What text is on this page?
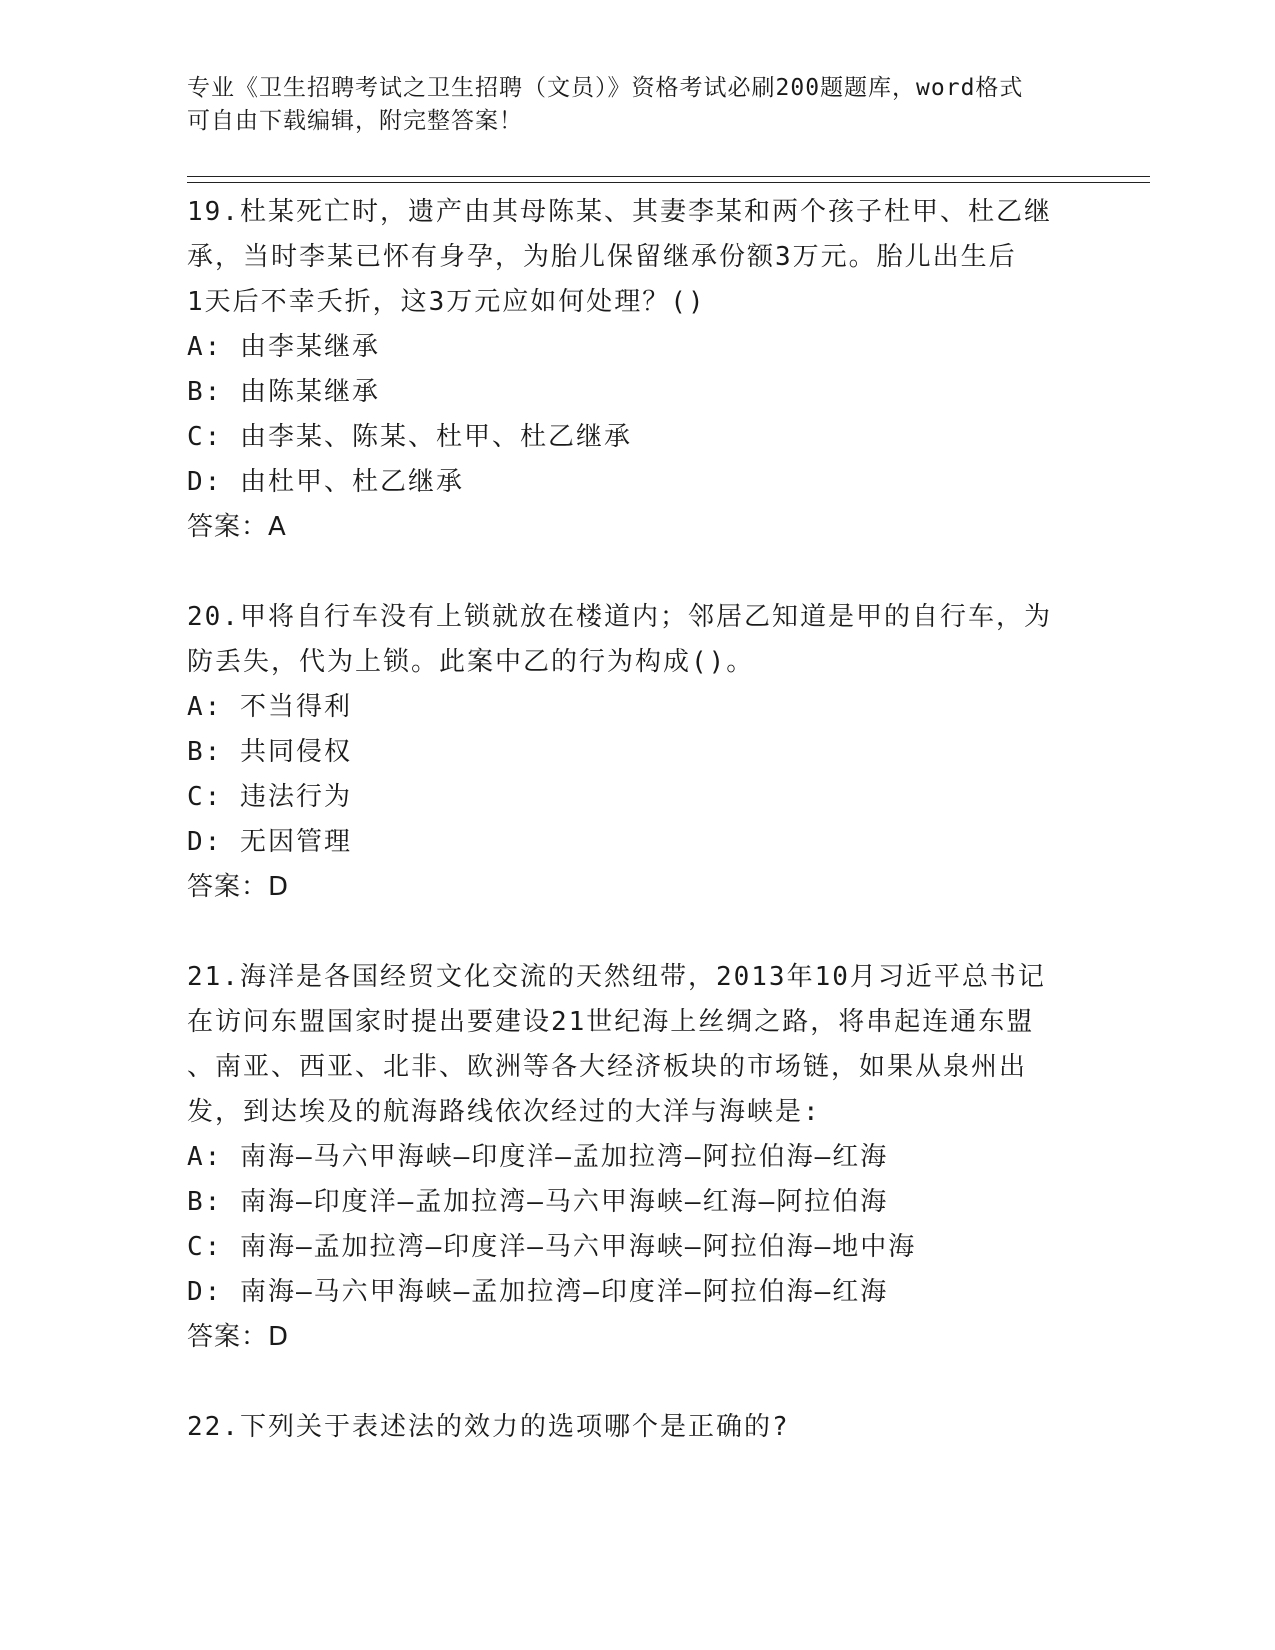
专业《卫生招聘考试之卫生招聘（文员）》资格考试必刷200题题库，word格式
可自由下载编辑，附完整答案！

19.杜某死亡时，遗产由其母陈某、其妻李某和两个孩子杜甲、杜乙继

承，当时李某已怀有身孕，为胎儿保留继承份额3万元。胎儿出生后

1天后不幸夭折，这3万元应如何处理？()

A: 由李某继承

B: 由陈某继承

C: 由李某、陈某、杜甲、杜乙继承

D: 由杜甲、杜乙继承

答案：A

20.甲将自行车没有上锁就放在楼道内；邻居乙知道是甲的自行车，为

防丢失，代为上锁。此案中乙的行为构成()。

A: 不当得利

B: 共同侵权

C: 违法行为

D: 无因管理

答案：D

21.海洋是各国经贸文化交流的天然纽带，2013年10月习近平总书记

在访问东盟国家时提出要建设21世纪海上丝绸之路，将串起连通东盟

、南亚、西亚、北非、欧洲等各大经济板块的市场链，如果从泉州出

发，到达埃及的航海路线依次经过的大洋与海峡是:

A: 南海—马六甲海峡—印度洋—孟加拉湾—阿拉伯海—红海

B: 南海—印度洋—孟加拉湾—马六甲海峡—红海—阿拉伯海

C: 南海—孟加拉湾—印度洋—马六甲海峡—阿拉伯海—地中海

D: 南海—马六甲海峡—孟加拉湾—印度洋—阿拉伯海—红海

答案：D

22.下列关于表述法的效力的选项哪个是正确的?
